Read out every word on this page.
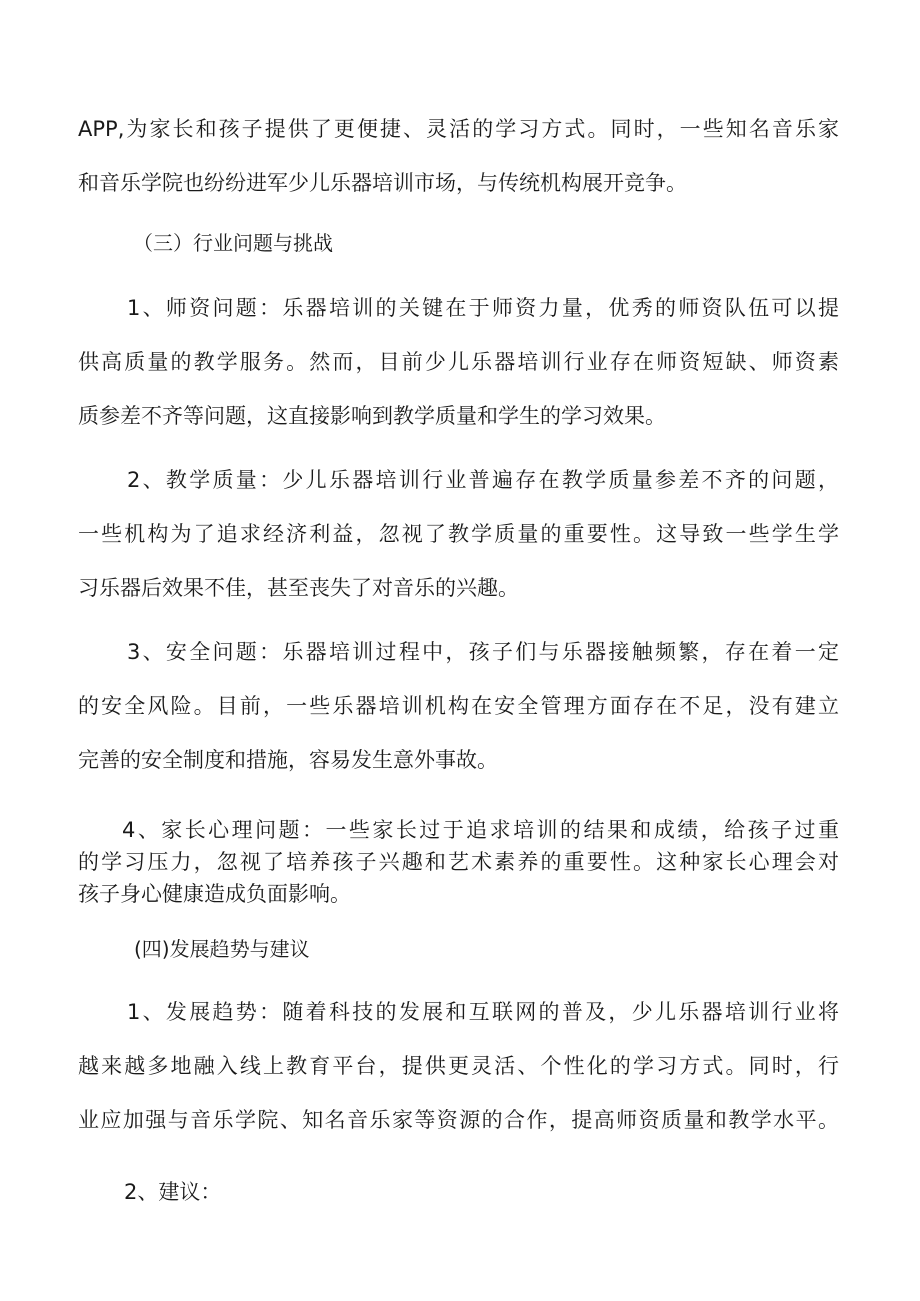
APP,为家长和孩子提供了更便捷、灵活的学习方式。同时，一些知名音乐家
和音乐学院也纷纷进军少儿乐器培训市场，与传统机构展开竞争。
（三）行业问题与挑战
1、师资问题：乐器培训的关键在于师资力量，优秀的师资队伍可以提
供高质量的教学服务。然而，目前少儿乐器培训行业存在师资短缺、师资素
质参差不齐等问题，这直接影响到教学质量和学生的学习效果。
2、教学质量：少儿乐器培训行业普遍存在教学质量参差不齐的问题，
一些机构为了追求经济利益，忽视了教学质量的重要性。这导致一些学生学
习乐器后效果不佳，甚至丧失了对音乐的兴趣。
3、安全问题：乐器培训过程中，孩子们与乐器接触频繁，存在着一定
的安全风险。目前，一些乐器培训机构在安全管理方面存在不足，没有建立
完善的安全制度和措施，容易发生意外事故。
4、家长心理问题：一些家长过于追求培训的结果和成绩，给孩子过重
的学习压力，忽视了培养孩子兴趣和艺术素养的重要性。这种家长心理会对
孩子身心健康造成负面影响。
(四)发展趋势与建议
1、发展趋势：随着科技的发展和互联网的普及，少儿乐器培训行业将
越来越多地融入线上教育平台，提供更灵活、个性化的学习方式。同时，行
业应加强与音乐学院、知名音乐家等资源的合作，提高师资质量和教学水平。
2、建议：
